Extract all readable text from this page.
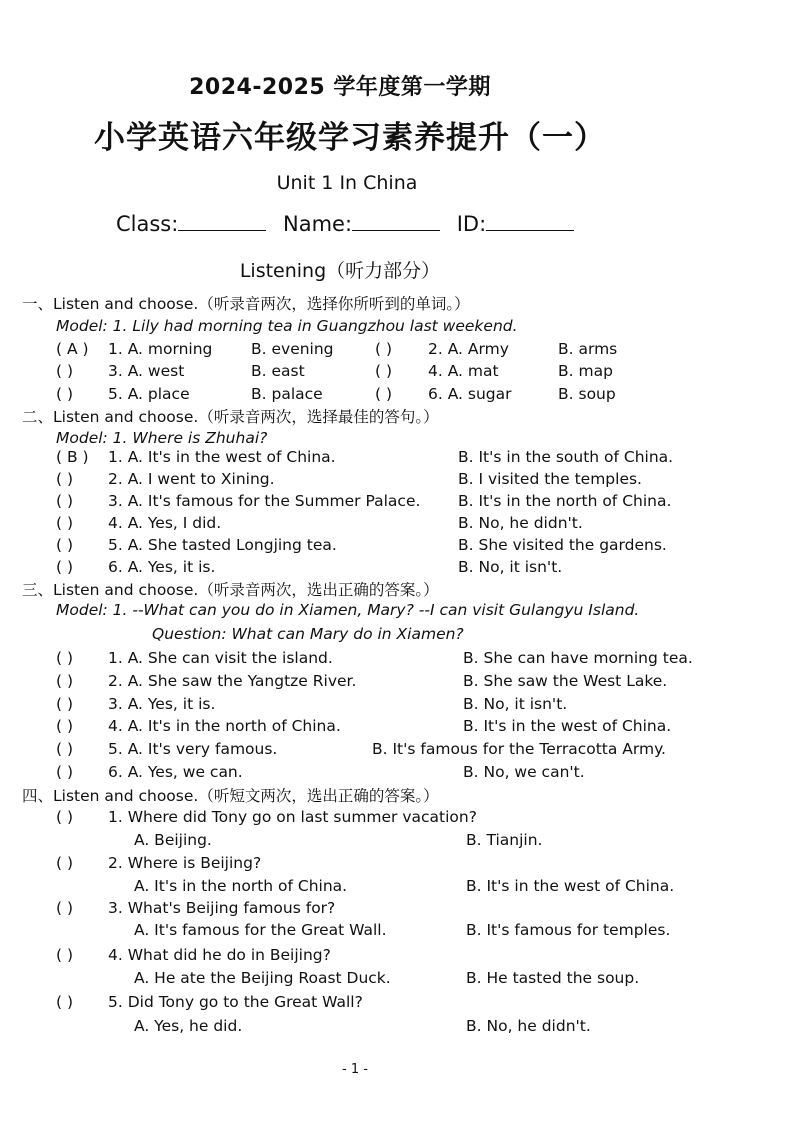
2024-2025 学年度第一学期
小学英语六年级学习素养提升（一）
Unit 1 In China
Class:	Name:	ID:
Listening（听力部分）
一、Listen and choose.（听录音两次，选择你所听到的单词。）
Model: 1. Lily had morning tea in Guangzhou last weekend.
( A ) 1. A. morning B. evening	( ) 2. A. Army	B. arms
( ) 3. A. west	B. east	( ) 4. A. mat	B. map
( ) 5. A. place	B. palace	( ) 6. A. sugar	B. soup
二、Listen and choose.（听录音两次，选择最佳的答句。）
Model: 1. Where is Zhuhai?
( B ) 1. A. It's in the west of China.	B. It's in the south of China.
( ) 2. A. I went to Xining.	B. I visited the temples.
( ) 3. A. It's famous for the Summer Palace. B. It's in the north of China.
( ) 4. A. Yes, I did.	B. No, he didn't.
( ) 5. A. She tasted Longjing tea.	B. She visited the gardens.
( ) 6. A. Yes, it is.	B. No, it isn't.
三、Listen and choose.（听录音两次，选出正确的答案。）
Model: 1. --What can you do in Xiamen, Mary? --I can visit Gulangyu Island.
Question: What can Mary do in Xiamen?
( ) 1. A. She can visit the island.	B. She can have morning tea.
( ) 2. A. She saw the Yangtze River.	B. She saw the West Lake.
( ) 3. A. Yes, it is.	B. No, it isn't.
( ) 4. A. It's in the north of China.	B. It's in the west of China.
( ) 5. A. It's very famous.	B. It's famous for the Terracotta Army.
( ) 6. A. Yes, we can.	B. No, we can't.
四、Listen and choose.（听短文两次，选出正确的答案。）
( ) 1. Where did Tony go on last summer vacation?
A. Beijing.	B. Tianjin.
( ) 2. Where is Beijing?
A. It's in the north of China.	B. It's in the west of China.
( ) 3. What's Beijing famous for?
A. It's famous for the Great Wall.	B. It's famous for temples.
( ) 4. What did he do in Beijing?
A. He ate the Beijing Roast Duck.	B. He tasted the soup.
( ) 5. Did Tony go to the Great Wall?
A. Yes, he did.	B. No, he didn't.
- 1 -
